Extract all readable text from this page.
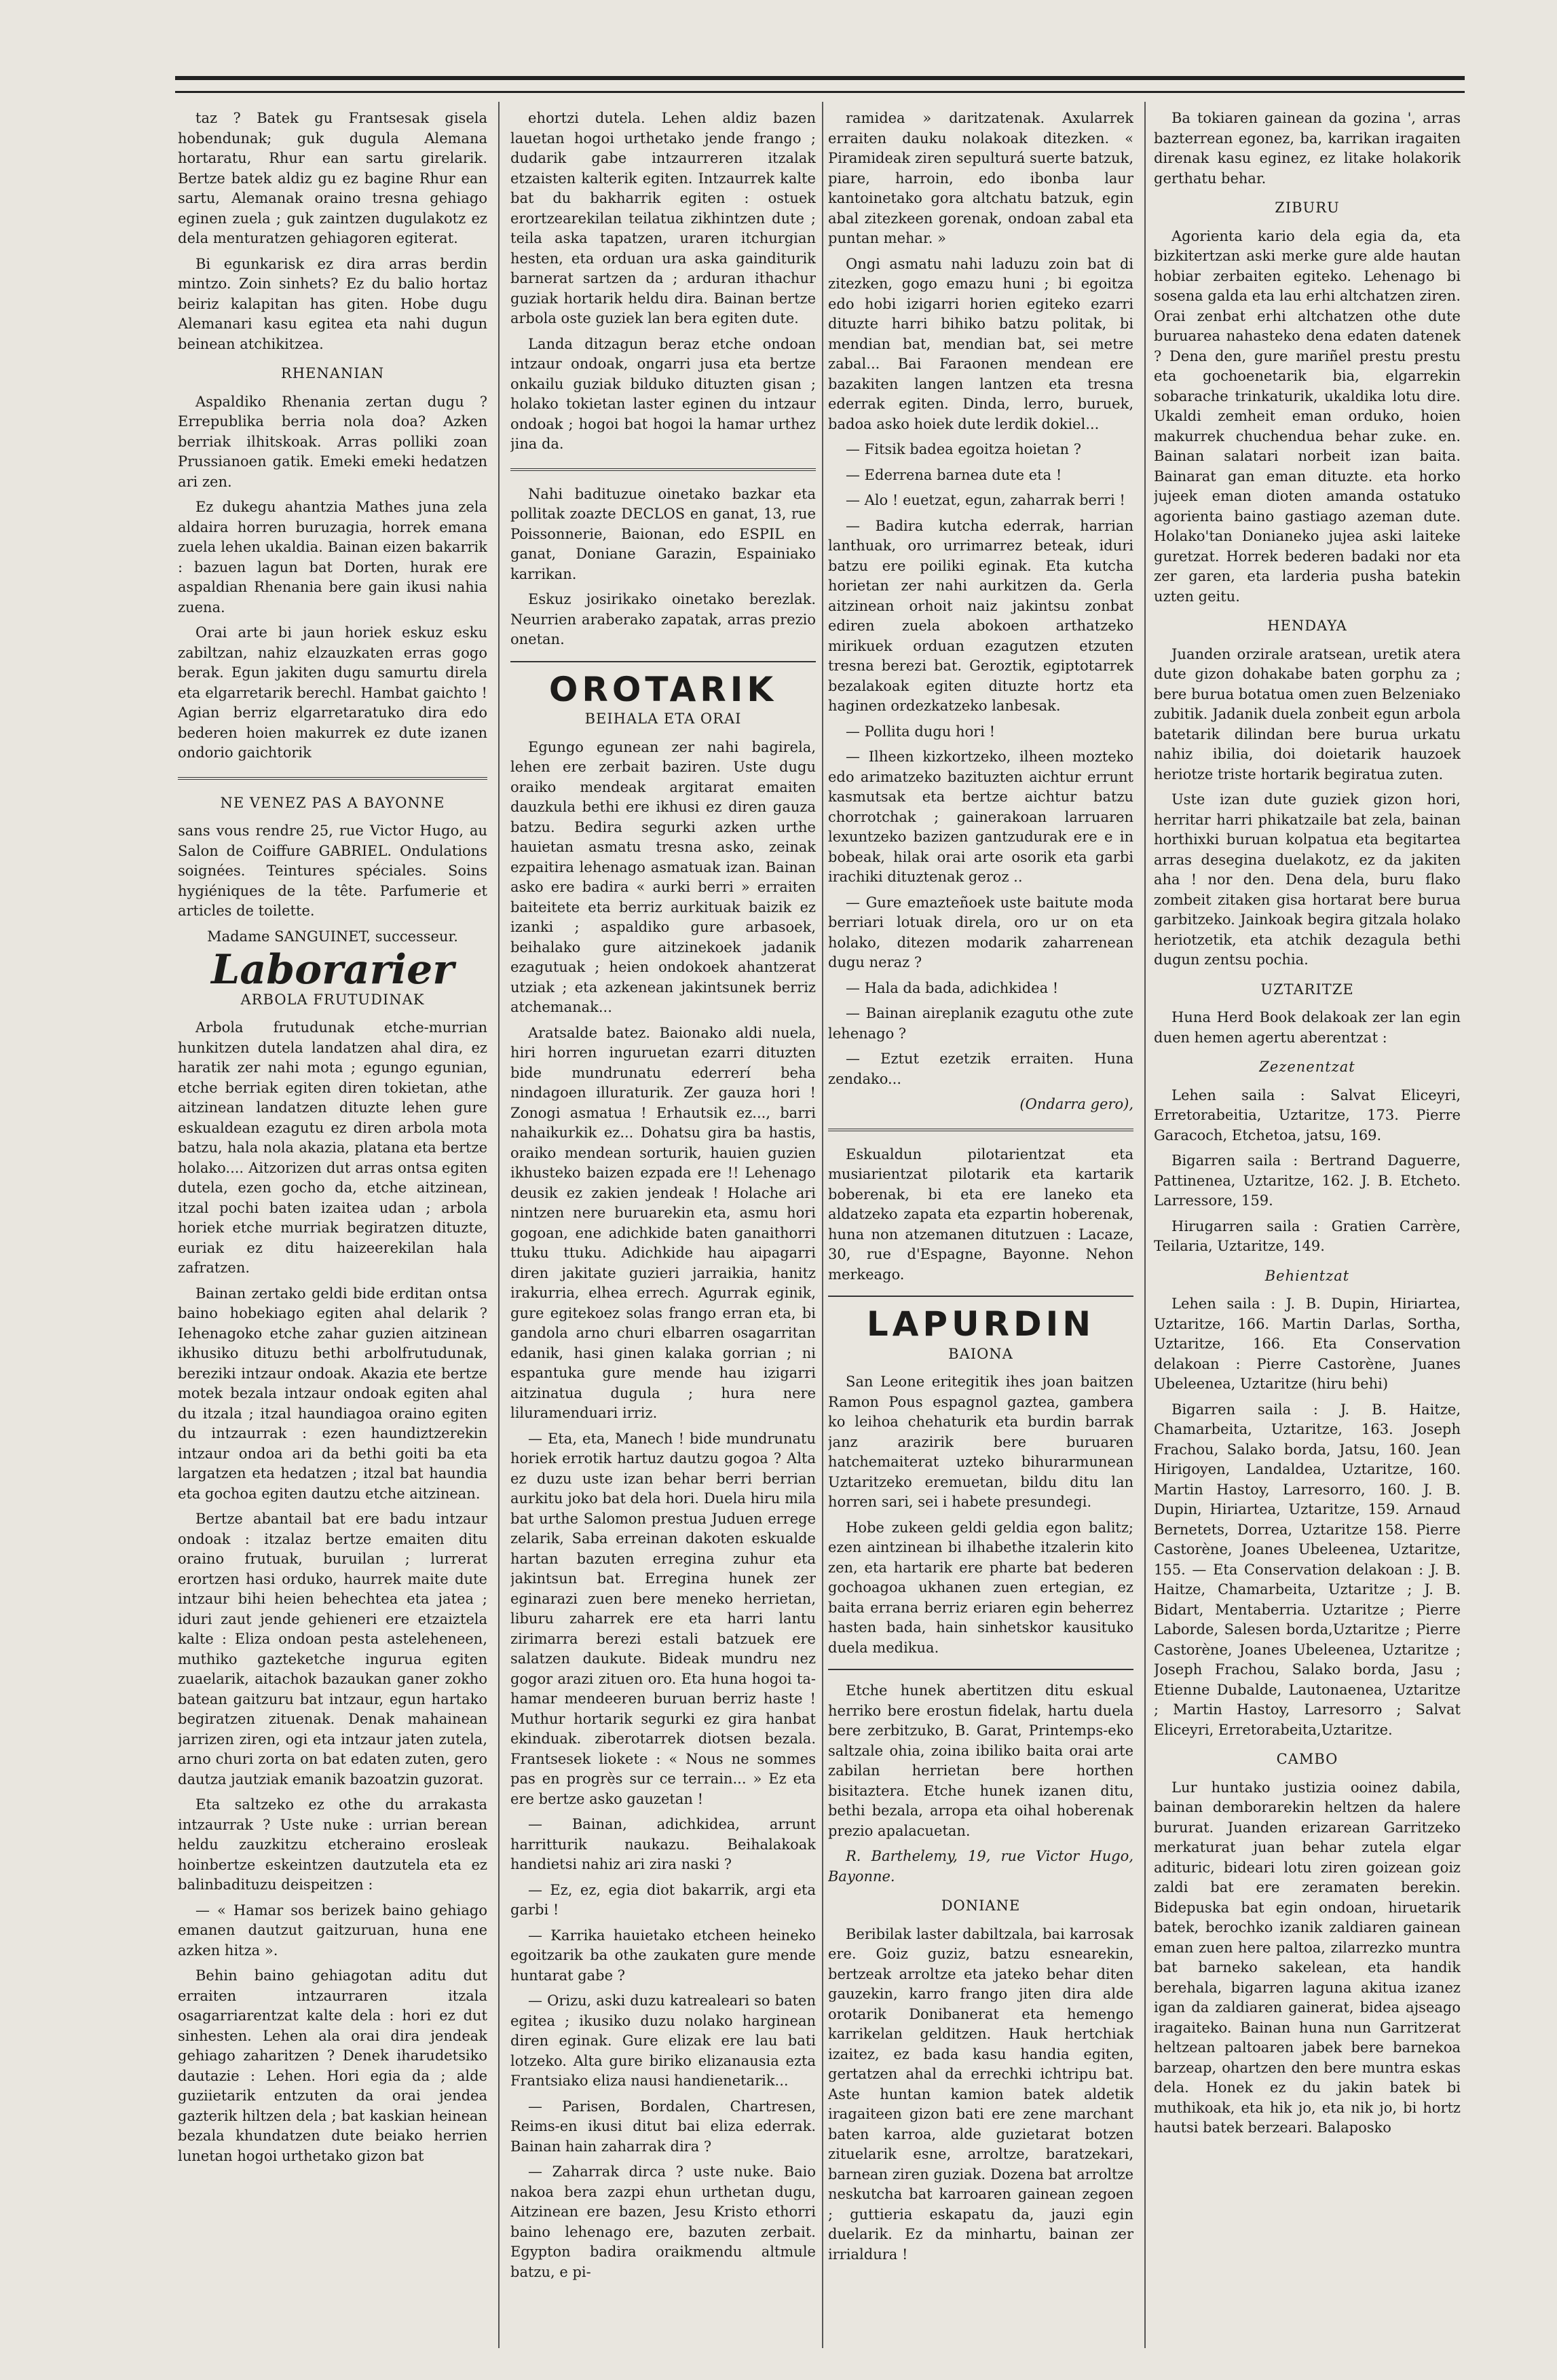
taz ? Batek gu Frantsesak gisela hobendunak; guk dugula Alemana hortaratu, Rhur ean sartu girelarik. Bertze batek aldiz gu ez bagine Rhur ean sartu, Alemanak oraino tresna gehiago eginen zuela ; guk zaintzen dugulakotz ez dela menturatzen gehiagoren egiterat.

Bi egunkarisk ez dira arras berdin mintzo. Zoin sinhets? Ez du balio hortaz beiriz kalapitan has giten. Hobe dugu Alemanari kasu egitea eta nahi dugun beinean atchikitzea.

RHENANIAN

Aspaldiko Rhenania zertan dugu ? Errepublika berria nola doa? Azken berriak ilhitskoak. Arras polliki zoan Prussianoen gatik. Emeki emeki hedatzen ari zen.

Ez dukegu ahantzia Mathes juna zela aldaira horren buruzagia, horrek emana zuela lehen ukaldia. Bainan eizen bakarrik : bazuen lagun bat Dorten, hurak ere aspaldian Rhenania bere gain ikusi nahia zuena.

Orai arte bi jaun horiek eskuz esku zabiltzan, nahiz elzauzkaten erras gogo berak. Egun jakiten dugu samurtu direla eta elgarretarik berechl. Hambat gaichto ! Agian berriz elgarretaratuko dira edo bederen hoien makurrek ez dute izanen ondorio gaichtorik

NE VENEZ PAS A BAYONNE

sans vous rendre 25, rue Victor Hugo, au Salon de Coiffure GABRIEL. Ondulations soignées. Teintures spéciales. Soins hygiéniques de la tête. Parfumerie et articles de toilette.

Madame SANGUINET, successeur.

Laborarier
ARBOLA FRUTUDINAK

Arbola frutudunak etche-murrian hunkitzen dutela landatzen ahal dira, ez haratik zer nahi mota ; egungo egunian, etche berriak egiten diren tokietan, athe aitzinean landatzen dituzte lehen gure eskualdean ezagutu ez diren arbola mota batzu, hala nola akazia, platana eta bertze holako.... Aitzorizen dut arras ontsa egiten dutela, ezen gocho da, etche aitzinean, itzal pochi baten izaitea udan ; arbola horiek etche murriak begiratzen dituzte, euriak ez ditu haizeerekilan hala zafratzen.

Bainan zertako geldi bide erditan ontsa baino hobekiago egiten ahal delarik ? Iehenagoko etche zahar guzien aitzinean ikhusiko dituzu bethi arbolfrutudunak, bereziki intzaur ondoak. Akazia ete bertze motek bezala intzaur ondoak egiten ahal du itzala ; itzal haundiagoa oraino egiten du intzaurrak : ezen haundiztzerekin intzaur ondoa ari da bethi goiti ba eta largatzen eta hedatzen ; itzal bat haundia eta gochoa egiten dautzu etche aitzinean.

Bertze abantail bat ere badu intzaur ondoak : itzalaz bertze emaiten ditu oraino frutuak, buruilan ; lurrerat erortzen hasi orduko, haurrek maite dute intzaur bihi heien behechtea eta jatea ; iduri zaut jende gehieneri ere etzaiztela kalte : Eliza ondoan pesta asteleheneen, muthiko gazteketche ingurua egiten zuaelarik, aitachok bazaukan ganer zokho batean gaitzuru bat intzaur, egun hartako begiratzen zituenak. Denak mahainean jarrizen ziren, ogi eta intzaur jaten zutela, arno churi zorta on bat edaten zuten, gero dautza jautziak emanik bazoatzin guzorat.

Eta saltzeko ez othe du arrakasta intzaurrak ? Uste nuke : urrian berean heldu zauzkitzu etcheraino erosleak hoinbertze eskeintzen dautzutela eta ez balinbadituzu deispeitzen :

— « Hamar sos berizek baino gehiago emanen dautzut gaitzuruan, huna ene azken hitza ».

Behin baino gehiagotan aditu dut erraiten intzaurraren itzala osagarriarentzat kalte dela : hori ez dut sinhesten. Lehen ala orai dira jendeak gehiago zaharitzen ? Denek iharudetsiko dautazie : Lehen. Hori egia da ; alde guziietarik entzuten da orai jendea gazterik hiltzen dela ; bat kaskian heinean bezala khundatzen dute beiako herrien lunetan hogoi urthetako gizon bat

ehortzi dutela. Lehen aldiz bazen lauetan hogoi urthetako jende frango ; dudarik gabe intzaurreren itzalak etzaisten kalterik egiten. Intzaurrek kalte bat du bakharrik egiten : ostuek erortzearekilan teilatua zikhintzen dute ; teila aska tapatzen, uraren itchurgian hesten, eta orduan ura aska gainditurik barnerat sartzen da ; arduran ithachur guziak hortarik heldu dira. Bainan bertze arbola oste guziek lan bera egiten dute.

Landa ditzagun beraz etche ondoan intzaur ondoak, ongarri jusa eta bertze onkailu guziak bilduko dituzten gisan ; holako tokietan laster eginen du intzaur ondoak ; hogoi bat hogoi la hamar urthez jina da.

Nahi badituzue oinetako bazkar eta pollitak zoazte DECLOS en ganat, 13, rue Poissonnerie, Baionan, edo ESPIL en ganat, Doniane Garazin, Espainiako karrikan.

Eskuz josirikako oinetako berezlak. Neurrien araberako zapatak, arras prezio onetan.

OROTARIK
BEIHALA ETA ORAI

Egungo egunean zer nahi bagirela, lehen ere zerbait baziren. Uste dugu oraiko mendeak argitarat emaiten dauzkula bethi ere ikhusi ez diren gauza batzu. Bedira segurki azken urthe hauietan asmatu tresna asko, zeinak ezpaitira lehenago asmatuak izan. Bainan asko ere badira « aurki berri » erraiten baiteitete eta berriz aurkituak baizik ez izanki ; aspaldiko gure arbasoek, beihalako gure aitzinekoek jadanik ezagutuak ; heien ondokoek ahantzerat utziak ; eta azkenean jakintsunek berriz atchemanak...

Aratsalde batez. Baionako aldi nuela, hiri horren inguruetan ezarri dituzten bide mundrunatu ederrerí beha nindagoen illuraturik. Zer gauza hori ! Zonogi asmatua ! Erhautsik ez..., barri nahaikurkik ez... Dohatsu gira ba hastis, oraiko mendean sorturik, hauien guzien ikhusteko baizen ezpada ere !! Lehenago deusik ez zakien jendeak ! Holache ari nintzen nere buruarekin eta, asmu hori gogoan, ene adichkide baten ganaithorri ttuku ttuku. Adichkide hau aipagarri diren jakitate guzieri jarraikia, hanitz irakurria, elhea errech. Agurrak eginik, gure egitekoez solas frango erran eta, bi gandola arno churi elbarren osagarritan edanik, hasi ginen kalaka gorrian ; ni espantuka gure mende hau izigarri aitzinatua dugula ; hura nere liluramenduari irriz.

— Eta, eta, Manech ! bide mundrunatu horiek errotik hartuz dautzu gogoa ? Alta ez duzu uste izan behar berri berrian aurkitu joko bat dela hori. Duela hiru mila bat urthe Salomon prestua Juduen errege zelarik, Saba erreinan dakoten eskualde hartan bazuten erregina zuhur eta jakintsun bat. Erregina hunek zer eginarazi zuen bere meneko herrietan, liburu zaharrek ere eta harri lantu zirimarra berezi estali batzuek ere salatzen daukute. Bideak mundru nez gogor arazi zituen oro. Eta huna hogoi ta-hamar mendeeren buruan berriz haste ! Muthur hortarik segurki ez gira hanbat ekinduak. ziberotarrek diotsen bezala. Frantsesek liokete : « Nous ne sommes pas en progrès sur ce terrain... » Ez eta ere bertze asko gauzetan !

— Bainan, adichkidea, arrunt harritturik naukazu. Beihalakoak handietsi nahiz ari zira naski ?

— Ez, ez, egia diot bakarrik, argi eta garbi !

— Karrika hauietako etcheen heineko egoitzarik ba othe zaukaten gure mende huntarat gabe ?

— Orizu, aski duzu katrealeari so baten egitea ; ikusiko duzu nolako harginean diren eginak. Gure elizak ere lau bati lotzeko. Alta gure biriko elizanausia ezta Frantsiako eliza nausi handienetarik...

— Parisen, Bordalen, Chartresen, Reims-en ikusi ditut bai eliza ederrak. Bainan hain zaharrak dira ?

— Zaharrak dirca ? uste nuke. Baio nakoa bera zazpi ehun urthetan dugu, Aitzinean ere bazen, Jesu Kristo ethorri baino lehenago ere, bazuten zerbait. Egypton badira oraikmendu altmule batzu, e pi-

ramidea » daritzatenak. Axularrek erraiten dauku nolakoak ditezken. « Piramideak ziren sepulturá suerte batzuk, piare, harroin, edo ibonba laur kantoinetako gora altchatu batzuk, egin abal zitezkeen gorenak, ondoan zabal eta puntan mehar. »

Ongi asmatu nahi laduzu zoin bat di zitezken, gogo emazu huni ; bi egoitza edo hobi izigarri horien egiteko ezarri dituzte harri bihiko batzu politak, bi mendian bat, mendian bat, sei metre zabal... Bai Faraonen mendean ere bazakiten langen lantzen eta tresna ederrak egiten. Dinda, lerro, buruek, badoa asko hoiek dute lerdik dokiel...

— Fitsik badea egoitza hoietan ?

— Ederrena barnea dute eta !

— Alo ! euetzat, egun, zaharrak berri !

— Badira kutcha ederrak, harrian lanthuak, oro urrimarrez beteak, iduri batzu ere poiliki eginak. Eta kutcha horietan zer nahi aurkitzen da. Gerla aitzinean orhoit naiz jakintsu zonbat ediren zuela abokoen arthatzeko mirikuek orduan ezagutzen etzuten tresna berezi bat. Geroztik, egiptotarrek bezalakoak egiten dituzte hortz eta haginen ordezkatzeko lanbesak.

— Pollita dugu hori !

— Ilheen kizkortzeko, ilheen mozteko edo arimatzeko bazituzten aichtur errunt kasmutsak eta bertze aichtur batzu chorrotchak ; gainerakoan larruaren lexuntzeko bazizen gantzudurak ere e in bobeak, hilak orai arte osorik eta garbi irachiki dituztenak geroz ..

— Gure emazteñoek uste baitute moda berriari lotuak direla, oro ur on eta holako, ditezen modarik zaharrenean dugu neraz ?

— Hala da bada, adichkidea !

— Bainan aireplanik ezagutu othe zute lehenago ?

— Eztut ezetzik erraiten. Huna zendako...

(Ondarra gero),

Eskualdun pilotarientzat eta musiarientzat pilotarik eta kartarik boberenak, bi eta ere laneko eta aldatzeko zapata eta ezpartin hoberenak, huna non atzemanen ditutzuen : Lacaze, 30, rue d'Espagne, Bayonne. Nehon merkeago.

LAPURDIN
BAIONA

San Leone eritegitik ihes joan baitzen Ramon Pous espagnol gaztea, gambera ko leihoa chehaturik eta burdin barrak janz arazirik bere buruaren hatchemaiterat uzteko bihurarmunean Uztaritzeko eremuetan, bildu ditu lan horren sari, sei i habete presundegi.

Hobe zukeen geldi geldia egon balitz; ezen aintzinean bi ilhabethe itzalerin kito zen, eta hartarik ere pharte bat bederen gochoagoa ukhanen zuen ertegian, ez baita errana berriz eriaren egin beherrez hasten bada, hain sinhetskor kausituko duela medikua.

Etche hunek abertitzen ditu eskual herriko bere erostun fidelak, hartu duela bere zerbitzuko, B. Garat, Printemps-eko saltzale ohia, zoina ibiliko baita orai arte zabilan herrietan bere horthen bisitaztera. Etche hunek izanen ditu, bethi bezala, arropa eta oihal hoberenak prezio apalacuetan.

R. Barthelemy, 19, rue Victor Hugo, Bayonne.

DONIANE

Beribilak laster dabiltzala, bai karrosak ere. Goiz guziz, batzu esnearekin, bertzeak arroltze eta jateko behar diten gauzekin, karro frango jiten dira alde orotarik Donibanerat eta hemengo karrikelan gelditzen. Hauk hertchiak izaitez, ez bada kasu handia egiten, gertatzen ahal da errechki ichtripu bat. Aste huntan kamion batek aldetik iragaiteen gizon bati ere zene marchant baten karroa, alde guzietarat botzen zituelarik esne, arroltze, baratzekari, barnean ziren guziak. Dozena bat arroltze neskutcha bat karroaren gainean zegoen ; guttieria eskapatu da, jauzi egin duelarik. Ez da minhartu, bainan zer irrialdura !

Ba tokiaren gainean da gozina ', arras bazterrean egonez, ba, karrikan iragaiten direnak kasu eginez, ez litake holakorik gerthatu behar.

ZIBURU

Agorienta kario dela egia da, eta bizkitertzan aski merke gure alde hautan hobiar zerbaiten egiteko. Lehenago bi sosena galda eta lau erhi altchatzen ziren. Orai zenbat erhi altchatzen othe dute buruarea nahasteko dena edaten datenek ? Dena den, gure mariñel prestu prestu eta gochoenetarik bia, elgarrekin sobarache trinkaturik, ukaldika lotu dire. Ukaldi zemheit eman orduko, hoien makurrek chuchendua behar zuke. en. Bainan salatari norbeit izan baita. Bainarat gan eman dituzte. eta horko jujeek eman dioten amanda ostatuko agorienta baino gastiago azeman dute. Holako'tan Donianeko jujea aski laiteke guretzat. Horrek bederen badaki nor eta zer garen, eta larderia pusha batekin uzten geitu.

HENDAYA

Juanden orzirale aratsean, uretik atera dute gizon dohakabe baten gorphu za ; bere burua botatua omen zuen Belzeniako zubitik. Jadanik duela zonbeit egun arbola batetarik dilindan bere burua urkatu nahiz ibilia, doi doietarik hauzoek heriotze triste hortarik begiratua zuten.

Uste izan dute guziek gizon hori, herritar harri phikatzaile bat zela, bainan horthixki buruan kolpatua eta begitartea arras desegina duelakotz, ez da jakiten aha ! nor den. Dena dela, buru flako zombeit zitaken gisa hortarat bere burua garbitzeko. Jainkoak begira gitzala holako heriotzetik, eta atchik dezagula bethi dugun zentsu pochia.

UZTARITZE

Huna Herd Book delakoak zer lan egin duen hemen agertu aberentzat :

Zezenentzat

Lehen saila : Salvat Eliceyri, Erretorabeitia, Uztaritze, 173. Pierre Garacoch, Etchetoa, jatsu, 169.

Bigarren saila : Bertrand Daguerre, Pattinenea, Uztaritze, 162. J. B. Etcheto. Larressore, 159.

Hirugarren saila : Gratien Carrère, Teilaria, Uztaritze, 149.

Behientzat

Lehen saila : J. B. Dupin, Hiriartea, Uztaritze, 166. Martin Darlas, Sortha, Uztaritze, 166. Eta Conservation delakoan : Pierre Castorène, Juanes Ubeleenea, Uztaritze (hiru behi)

Bigarren saila : J. B. Haitze, Chamarbeita, Uztaritze, 163. Joseph Frachou, Salako borda, Jatsu, 160. Jean Hirigoyen, Landaldea, Uztaritze, 160. Martin Hastoy, Larresorro, 160. J. B. Dupin, Hiriartea, Uztaritze, 159. Arnaud Bernetets, Dorrea, Uztaritze 158. Pierre Castorène, Joanes Ubeleenea, Uztaritze, 155. — Eta Conservation delakoan : J. B. Haitze, Chamarbeita, Uztaritze ; J. B. Bidart, Mentaberria. Uztaritze ; Pierre Laborde, Salesen borda,Uztaritze ; Pierre Castorène, Joanes Ubeleenea, Uztaritze ; Joseph Frachou, Salako borda, Jasu ; Etienne Dubalde, Lautonaenea, Uztaritze ; Martin Hastoy, Larresorro ; Salvat Eliceyri, Erretorabeita,Uztaritze.

CAMBO

Lur huntako justizia ooinez dabila, bainan demborarekin heltzen da halere bururat. Juanden erizarean Garritzeko merkaturat juan behar zutela elgar adituric, bideari lotu ziren goizean goiz zaldi bat ere zeramaten berekin. Bidepuska bat egin ondoan, hiruetarik batek, berochko izanik zaldiaren gainean eman zuen here paltoa, zilarrezko muntra bat barneko sakelean, eta handik berehala, bigarren laguna akitua izanez igan da zaldiaren gainerat, bidea ajseago iragaiteko. Bainan huna nun Garritzerat heltzean paltoaren jabek bere barnekoa barzeap, ohartzen den bere muntra eskas dela. Honek ez du jakin batek bi muthikoak, eta hik jo, eta nik jo, bi hortz hautsi batek berzeari. Balaposko
